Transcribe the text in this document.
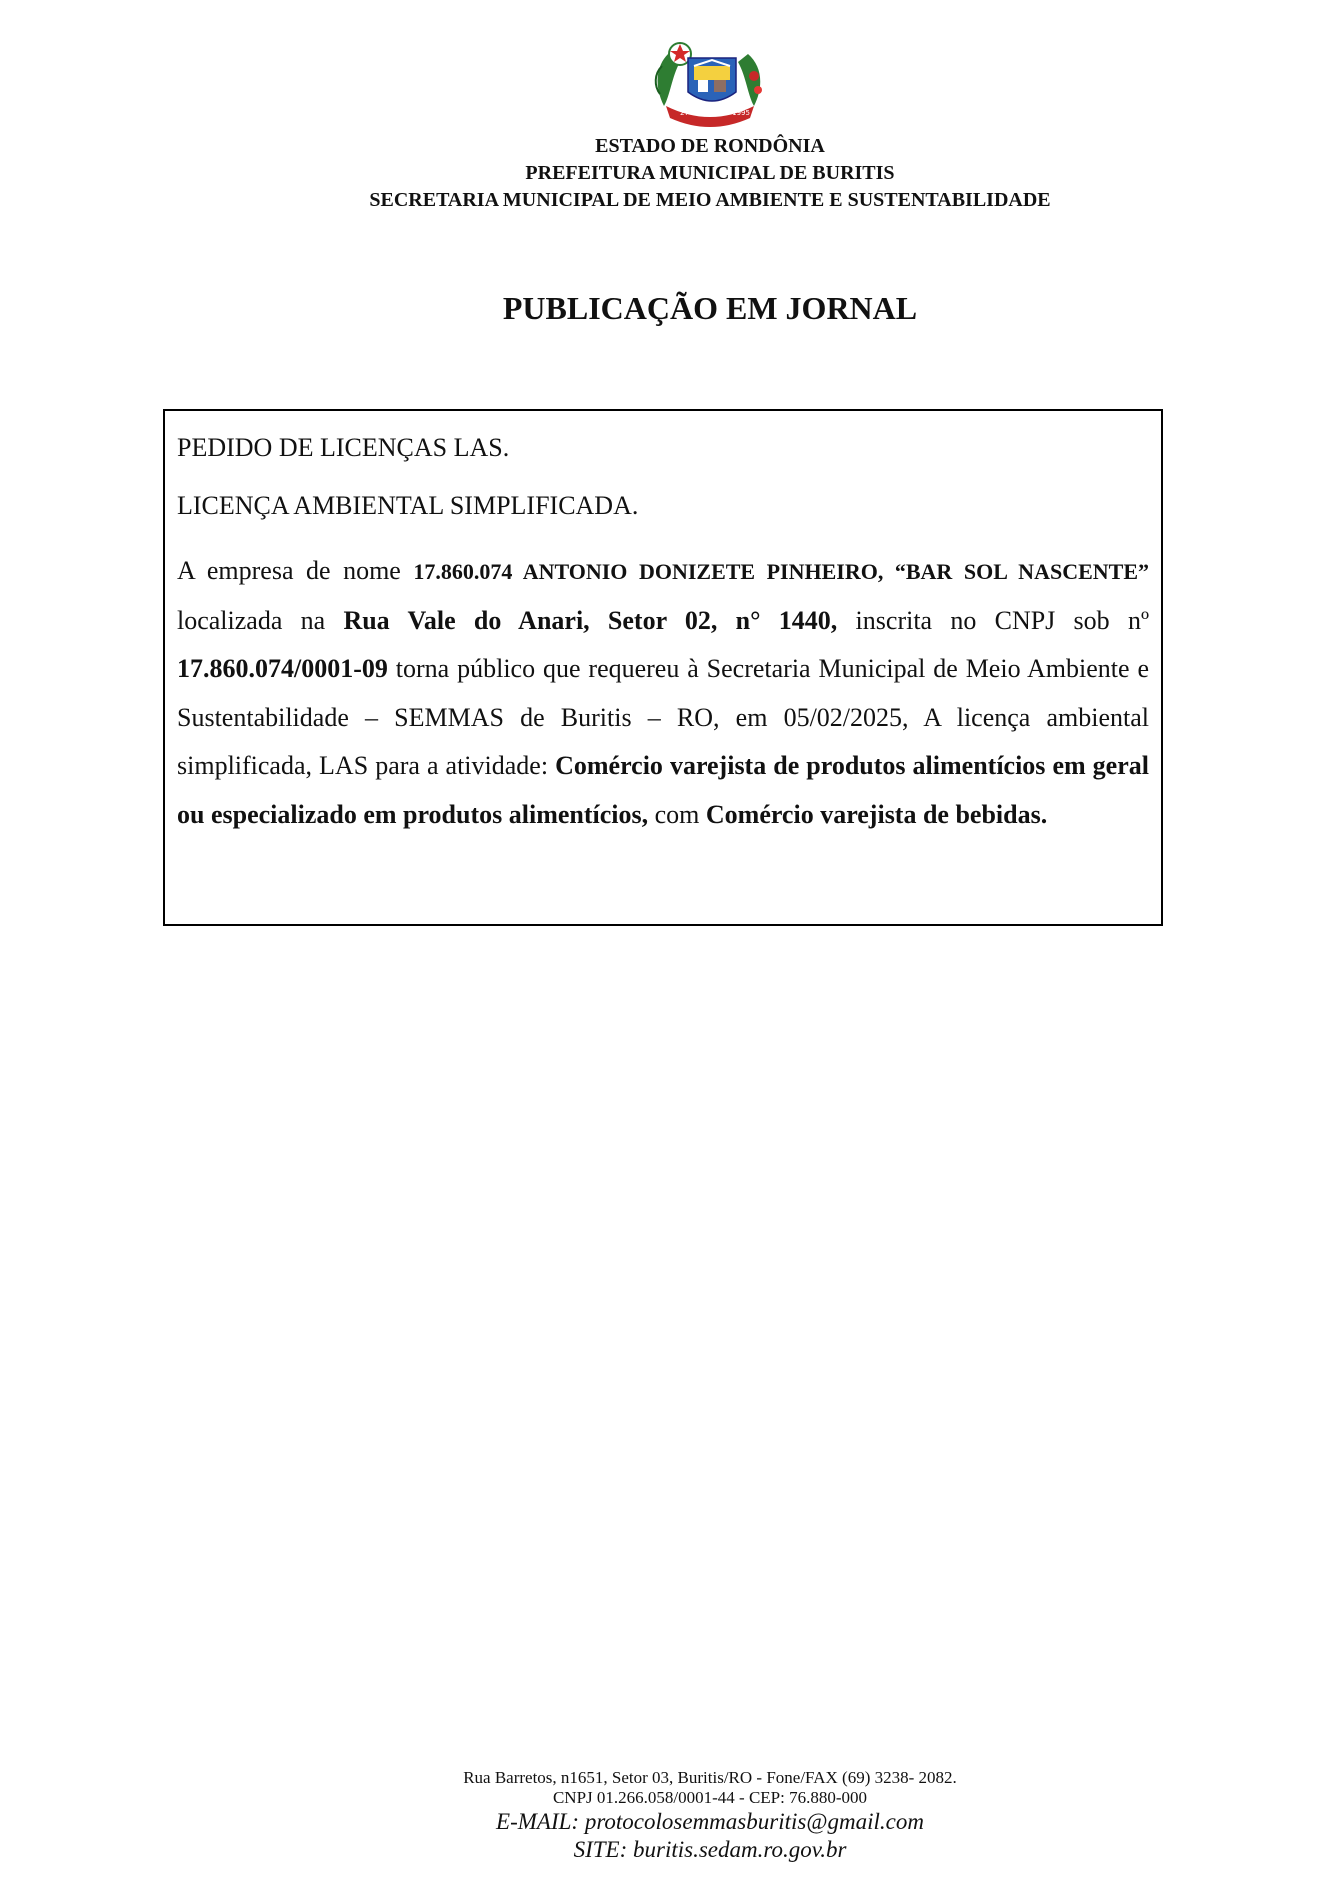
27 12 BURITIS 1995
ESTADO DE RONDÔNIA
PREFEITURA MUNICIPAL DE BURITIS
SECRETARIA MUNICIPAL DE MEIO AMBIENTE E SUSTENTABILIDADE
PUBLICAÇÃO EM JORNAL

PEDIDO DE LICENÇAS LAS.

LICENÇA AMBIENTAL SIMPLIFICADA.

A empresa de nome 17.860.074 ANTONIO DONIZETE PINHEIRO, “BAR SOL NASCENTE” localizada na Rua Vale do Anari, Setor 02, n° 1440, inscrita no CNPJ sob nº 17.860.074/0001-09 torna público que requereu à Secretaria Municipal de Meio Ambiente e Sustentabilidade – SEMMAS de Buritis – RO, em 05/02/2025, A licença ambiental simplificada, LAS para a atividade: Comércio varejista de produtos alimentícios em geral ou especializado em produtos alimentícios, com Comércio varejista de bebidas.

Rua Barretos, n1651, Setor 03, Buritis/RO - Fone/FAX (69) 3238- 2082.
CNPJ 01.266.058/0001-44 - CEP: 76.880-000
E-MAIL: protocolosemmasburitis@gmail.com
SITE: buritis.sedam.ro.gov.br
